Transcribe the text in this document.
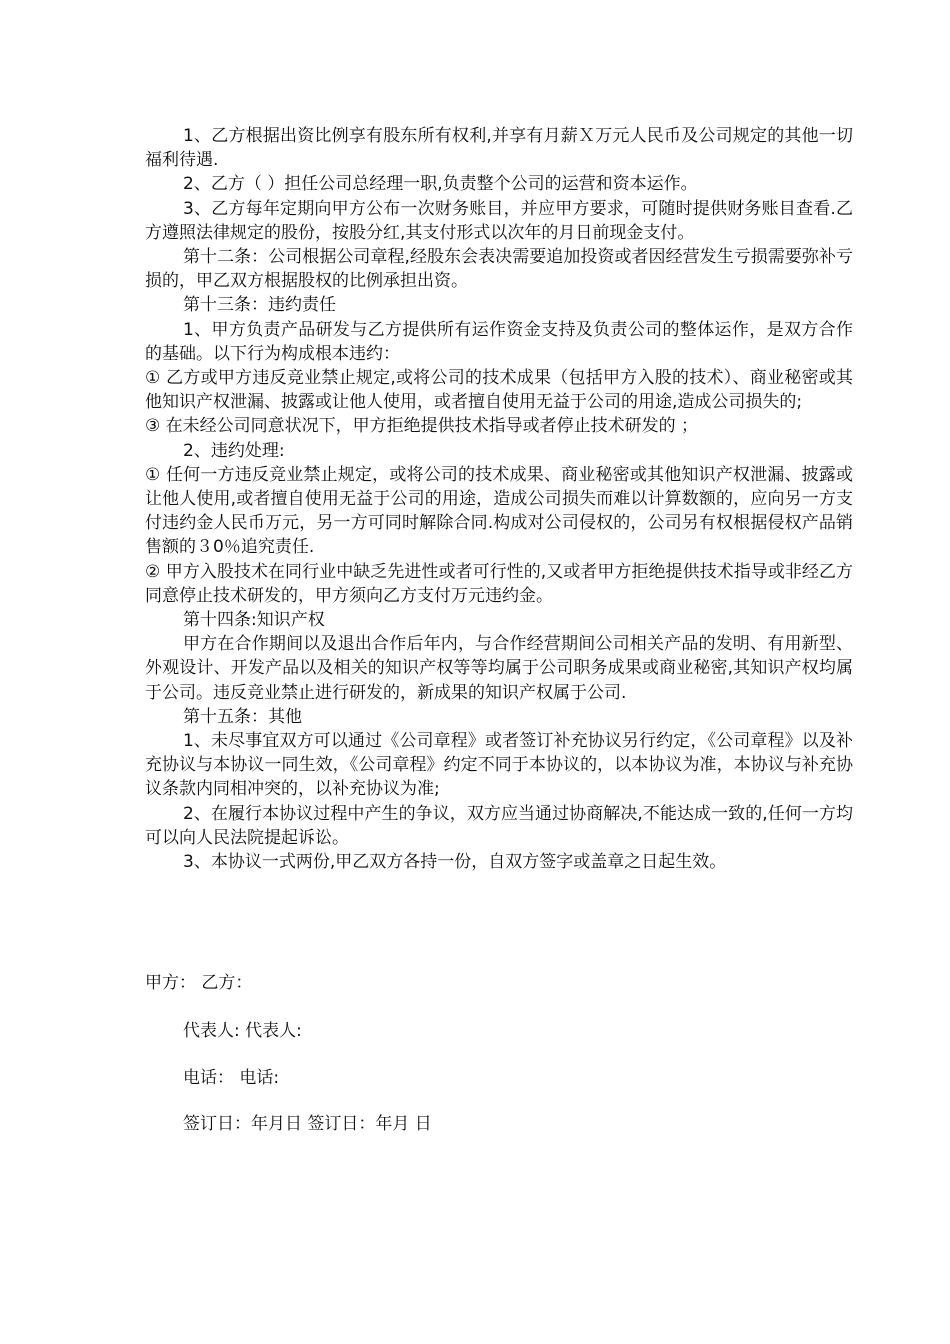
1、乙方根据出资比例享有股东所有权利,并享有月薪Ｘ万元人民币及公司规定的其他一切福利待遇.

2、乙方（ ）担任公司总经理一职,负责整个公司的运营和资本运作。

3、乙方每年定期向甲方公布一次财务账目，并应甲方要求，可随时提供财务账目查看.乙方遵照法律规定的股份，按股分红,其支付形式以次年的月日前现金支付。

第十二条：公司根据公司章程,经股东会表决需要追加投资或者因经营发生亏损需要弥补亏损的，甲乙双方根据股权的比例承担出资。

第十三条：违约责任

1、甲方负责产品研发与乙方提供所有运作资金支持及负责公司的整体运作，是双方合作的基础。以下行为构成根本违约：

① 乙方或甲方违反竞业禁止规定,或将公司的技术成果（包括甲方入股的技术）、商业秘密或其他知识产权泄漏、披露或让他人使用，或者擅自使用无益于公司的用途,造成公司损失的;

③ 在未经公司同意状况下，甲方拒绝提供技术指导或者停止技术研发的 ；

2、违约处理:

① 任何一方违反竞业禁止规定，或将公司的技术成果、商业秘密或其他知识产权泄漏、披露或让他人使用,或者擅自使用无益于公司的用途，造成公司损失而难以计算数额的，应向另一方支付违约金人民币万元，另一方可同时解除合同.构成对公司侵权的，公司另有权根据侵权产品销售额的３0％追究责任.

② 甲方入股技术在同行业中缺乏先进性或者可行性的,又或者甲方拒绝提供技术指导或非经乙方同意停止技术研发的，甲方须向乙方支付万元违约金。

第十四条:知识产权

甲方在合作期间以及退出合作后年内，与合作经营期间公司相关产品的发明、有用新型、外观设计、开发产品以及相关的知识产权等等均属于公司职务成果或商业秘密,其知识产权均属于公司。违反竞业禁止进行研发的，新成果的知识产权属于公司.

第十五条：其他

1、未尽事宜双方可以通过《公司章程》或者签订补充协议另行约定，《公司章程》以及补充协议与本协议一同生效，《公司章程》约定不同于本协议的，以本协议为准，本协议与补充协议条款内同相冲突的，以补充协议为准;

2、在履行本协议过程中产生的争议，双方应当通过协商解决,不能达成一致的,任何一方均可以向人民法院提起诉讼。

3、本协议一式两份,甲乙双方各持一份，自双方签字或盖章之日起生效。

甲方： 乙方：

代表人: 代表人:

电话： 电话:

签订日：年月日 签订日：年月 日
